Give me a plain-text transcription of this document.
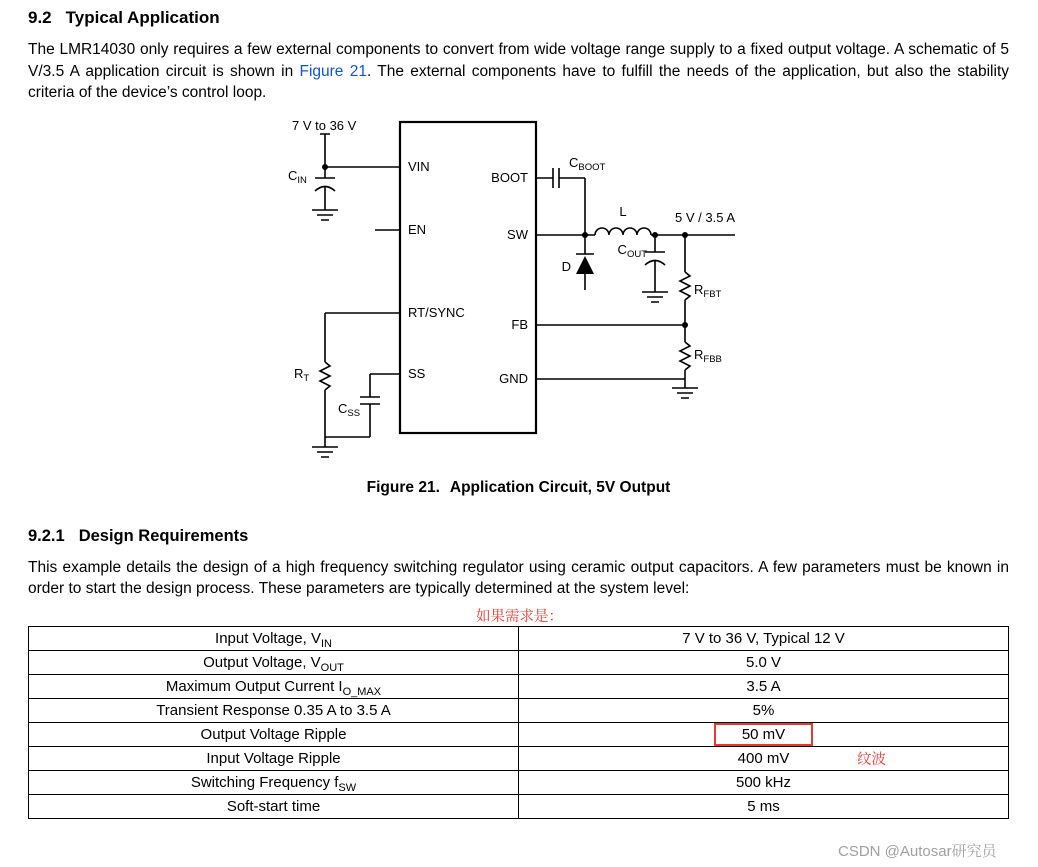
9.2 Typical Application

The LMR14030 only requires a few external components to convert from wide voltage range supply to a fixed output voltage. A schematic of 5 V/3.5 A application circuit is shown in Figure 21. The external components have to fulfill the needs of the application, but also the stability criteria of the device’s control loop.

7 V to 36 V
5 V / 3.5 A
VIN
EN
RT/SYNC
SS
BOOT
SW
FB
GND
$C_{IN}$
$R_T$
$C_{SS}$
$C_{BOOT}$
L
D
$C_{OUT}$
$R_{FBT}$
$R_{FBB}$
Figure 21. Application Circuit, 5V Output
9.2.1 Design Requirements

This example details the design of a high frequency switching regulator using ceramic output capacitors. A few parameters must be known in order to start the design process. These parameters are typically determined at the system level:

如果需求是：
Input Voltage, $V_{IN}$	7 V to 36 V, Typical 12 V
Output Voltage, $V_{OUT}$	5.0 V
Maximum Output Current $I_{O\_MAX}$	3.5 A
Transient Response 0.35 A to 3.5 A	5%
Output Voltage Ripple	50 mV
Input Voltage Ripple	400 mV
Switching Frequency $f_{SW}$	500 kHz
Soft-start time	5 ms
纹波
CSDN @Autosar研究员
